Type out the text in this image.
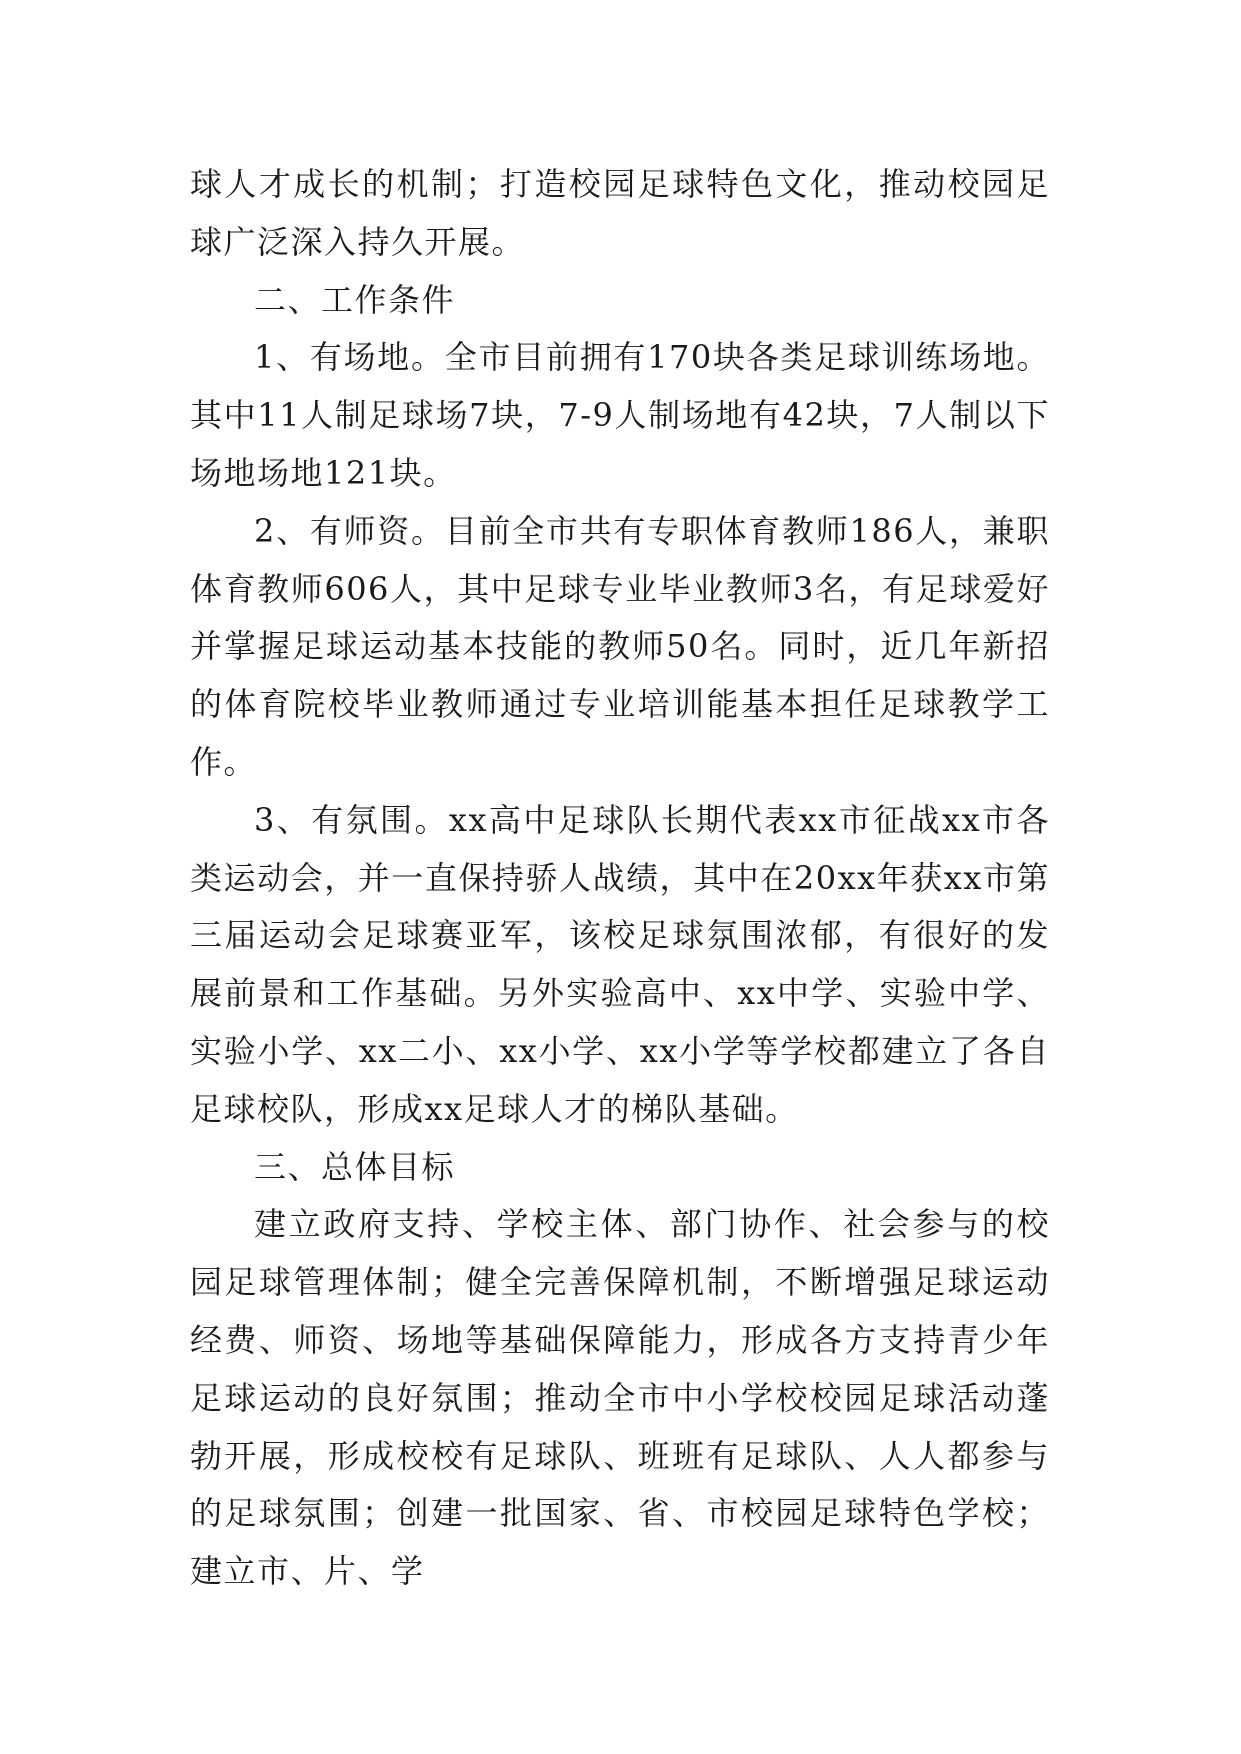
球人才成长的机制；打造校园足球特色文化，推动校园足球广泛深入持久开展。

二、工作条件

1、有场地。全市目前拥有170块各类足球训练场地。其中11人制足球场7块，7-9人制场地有42块，7人制以下场地场地121块。

2、有师资。目前全市共有专职体育教师186人，兼职体育教师606人，其中足球专业毕业教师3名，有足球爱好并掌握足球运动基本技能的教师50名。同时，近几年新招的体育院校毕业教师通过专业培训能基本担任足球教学工作。

3、有氛围。xx高中足球队长期代表xx市征战xx市各类运动会，并一直保持骄人战绩，其中在20xx年获xx市第三届运动会足球赛亚军，该校足球氛围浓郁，有很好的发展前景和工作基础。另外实验高中、xx中学、实验中学、实验小学、xx二小、xx小学、xx小学等学校都建立了各自足球校队，形成xx足球人才的梯队基础。

三、总体目标

建立政府支持、学校主体、部门协作、社会参与的校园足球管理体制；健全完善保障机制，不断增强足球运动经费、师资、场地等基础保障能力，形成各方支持青少年足球运动的良好氛围；推动全市中小学校校园足球活动蓬勃开展，形成校校有足球队、班班有足球队、人人都参与的足球氛围；创建一批国家、省、市校园足球特色学校；建立市、片、学
